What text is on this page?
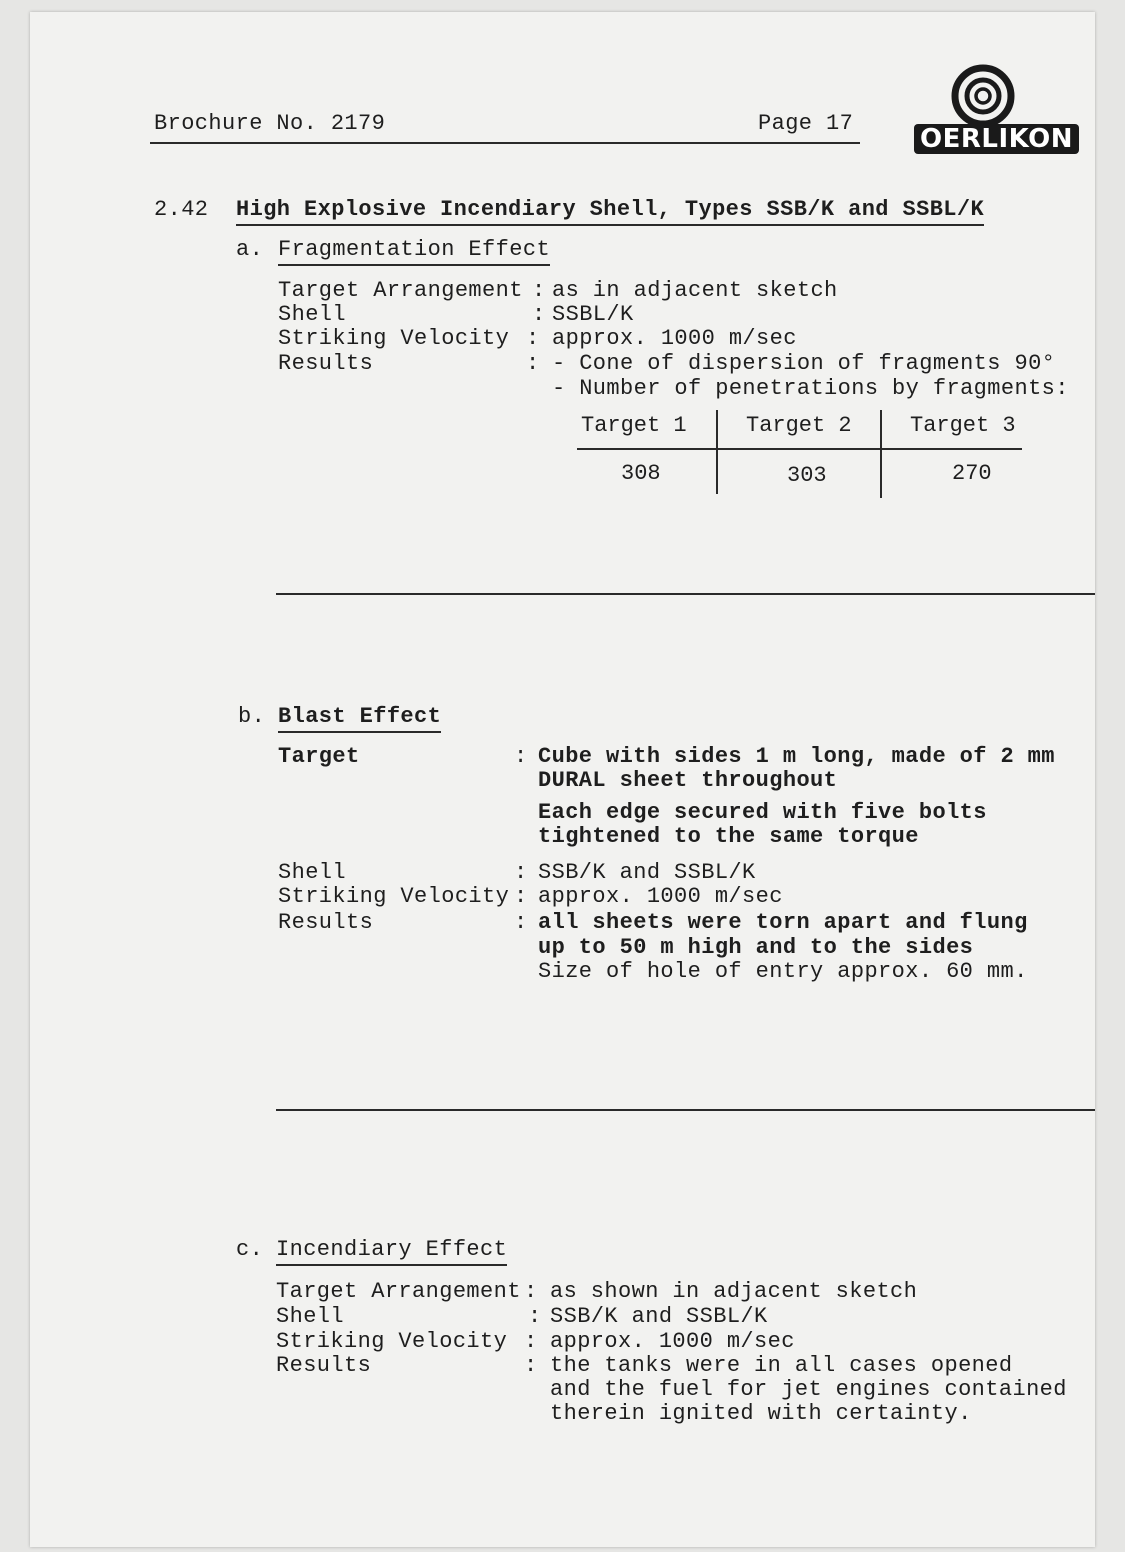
Brochure No. 2179	Page 17

OERLIKON

2.42 High Explosive Incendiary Shell, Types SSB/K and SSBL/K
a. Fragmentation Effect
Target Arrangement : as in adjacent sketch
Shell	: SSBL/K
Striking Velocity : approx. 1000 m/sec
Results	: - Cone of dispersion of fragments 90°
- Number of penetrations by fragments:
Target 1	Target 2	Target 3
308	303	270
b. Blast Effect
Target	: Cube with sides 1 m long, made of 2 mm
DURAL sheet throughout
Each edge secured with five bolts
tightened to the same torque
Shell	: SSB/K and SSBL/K
Striking Velocity : approx. 1000 m/sec
Results	: all sheets were torn apart and flung
up to 50 m high and to the sides
Size of hole of entry approx. 60 mm.
c. Incendiary Effect
Target Arrangement : as shown in adjacent sketch
Shell	: SSB/K and SSBL/K
Striking Velocity : approx. 1000 m/sec
Results	: the tanks were in all cases opened
and the fuel for jet engines contained
therein ignited with certainty.
